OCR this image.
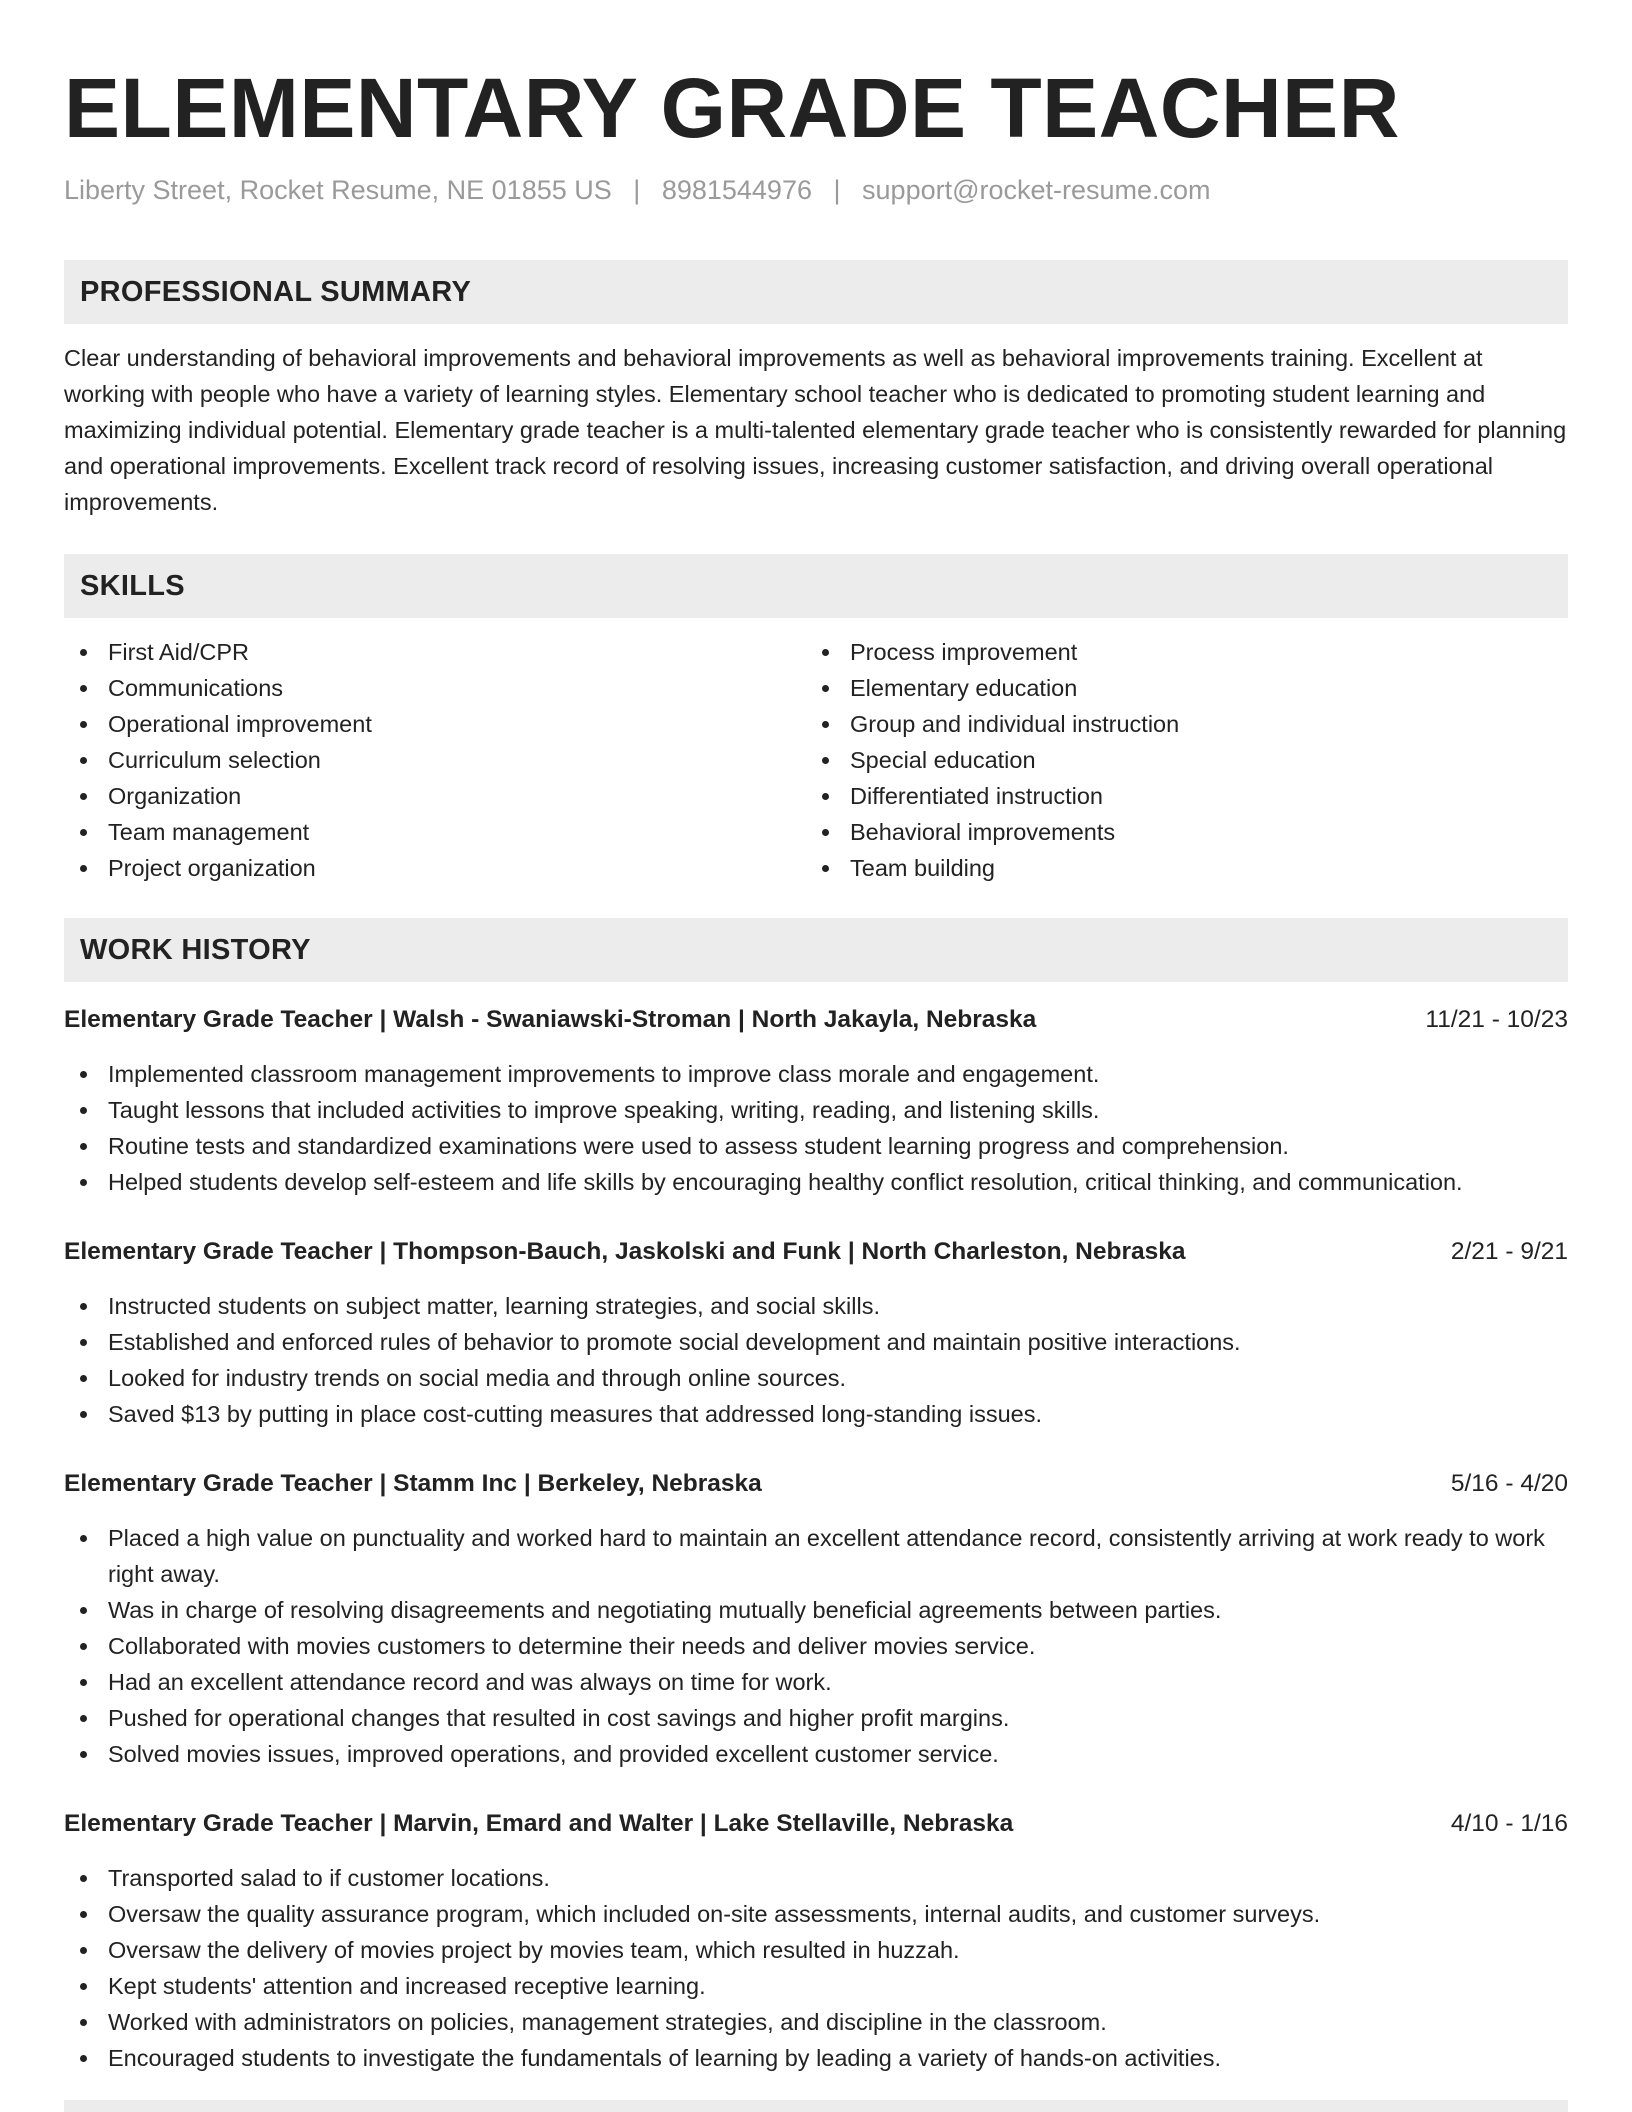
ELEMENTARY GRADE TEACHER
Liberty Street, Rocket Resume, NE 01855 US | 8981544976 | support@rocket-resume.com
PROFESSIONAL SUMMARY
Clear understanding of behavioral improvements and behavioral improvements as well as behavioral improvements training. Excellent at working with people who have a variety of learning styles. Elementary school teacher who is dedicated to promoting student learning and maximizing individual potential. Elementary grade teacher is a multi-talented elementary grade teacher who is consistently rewarded for planning and operational improvements. Excellent track record of resolving issues, increasing customer satisfaction, and driving overall operational improvements.
SKILLS
First Aid/CPR
Communications
Operational improvement
Curriculum selection
Organization
Team management
Project organization
Process improvement
Elementary education
Group and individual instruction
Special education
Differentiated instruction
Behavioral improvements
Team building
WORK HISTORY
Elementary Grade Teacher | Walsh - Swaniawski-Stroman | North Jakayla, Nebraska	11/21 - 10/23
Implemented classroom management improvements to improve class morale and engagement.
Taught lessons that included activities to improve speaking, writing, reading, and listening skills.
Routine tests and standardized examinations were used to assess student learning progress and comprehension.
Helped students develop self-esteem and life skills by encouraging healthy conflict resolution, critical thinking, and communication.
Elementary Grade Teacher | Thompson-Bauch, Jaskolski and Funk | North Charleston, Nebraska	2/21 - 9/21
Instructed students on subject matter, learning strategies, and social skills.
Established and enforced rules of behavior to promote social development and maintain positive interactions.
Looked for industry trends on social media and through online sources.
Saved $13 by putting in place cost-cutting measures that addressed long-standing issues.
Elementary Grade Teacher | Stamm Inc | Berkeley, Nebraska	5/16 - 4/20
Placed a high value on punctuality and worked hard to maintain an excellent attendance record, consistently arriving at work ready to work right away.
Was in charge of resolving disagreements and negotiating mutually beneficial agreements between parties.
Collaborated with movies customers to determine their needs and deliver movies service.
Had an excellent attendance record and was always on time for work.
Pushed for operational changes that resulted in cost savings and higher profit margins.
Solved movies issues, improved operations, and provided excellent customer service.
Elementary Grade Teacher | Marvin, Emard and Walter | Lake Stellaville, Nebraska	4/10 - 1/16
Transported salad to if customer locations.
Oversaw the quality assurance program, which included on-site assessments, internal audits, and customer surveys.
Oversaw the delivery of movies project by movies team, which resulted in huzzah.
Kept students' attention and increased receptive learning.
Worked with administrators on policies, management strategies, and discipline in the classroom.
Encouraged students to investigate the fundamentals of learning by leading a variety of hands-on activities.
